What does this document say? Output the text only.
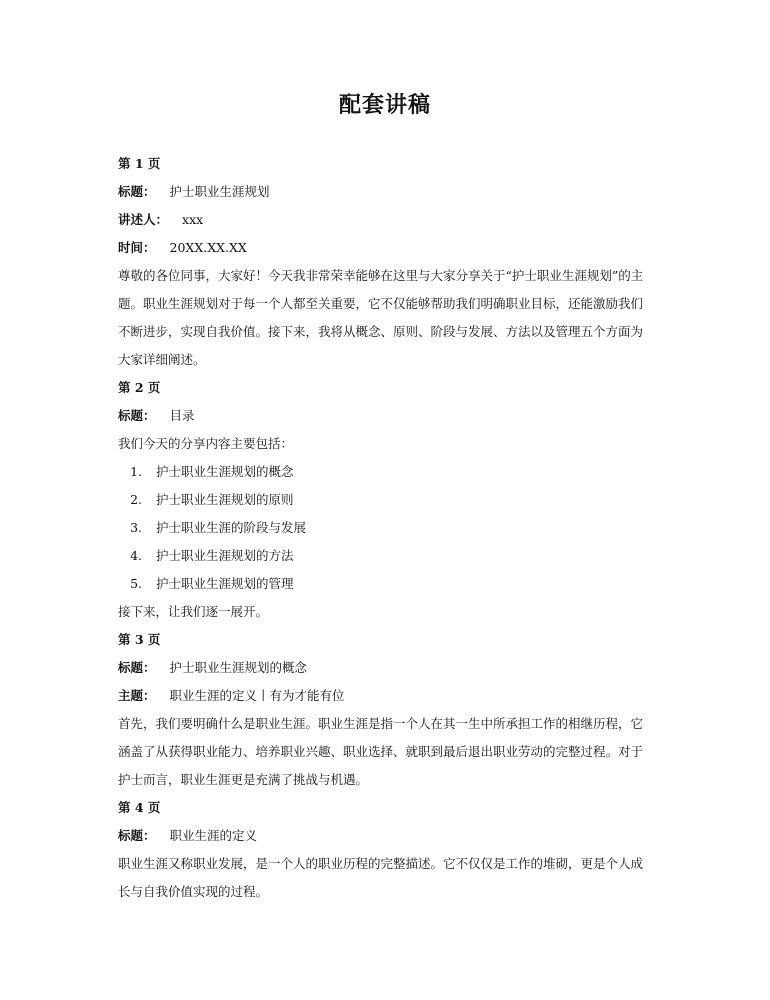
配套讲稿
第 1 页
标题： 护士职业生涯规划
讲述人： xxx
时间： 20XX.XX.XX
尊敬的各位同事，大家好！今天我非常荣幸能够在这里与大家分享关于“护士职业生涯规划”的主题。职业生涯规划对于每一个人都至关重要，它不仅能够帮助我们明确职业目标，还能激励我们不断进步，实现自我价值。接下来，我将从概念、原则、阶段与发展、方法以及管理五个方面为大家详细阐述。
第 2 页
标题： 目录
我们今天的分享内容主要包括：
1. 护士职业生涯规划的概念
2. 护士职业生涯规划的原则
3. 护士职业生涯的阶段与发展
4. 护士职业生涯规划的方法
5. 护士职业生涯规划的管理
接下来，让我们逐一展开。
第 3 页
标题： 护士职业生涯规划的概念
主题： 职业生涯的定义丨有为才能有位
首先，我们要明确什么是职业生涯。职业生涯是指一个人在其一生中所承担工作的相继历程，它涵盖了从获得职业能力、培养职业兴趣、职业选择、就职到最后退出职业劳动的完整过程。对于护士而言，职业生涯更是充满了挑战与机遇。
第 4 页
标题： 职业生涯的定义
职业生涯又称职业发展，是一个人的职业历程的完整描述。它不仅仅是工作的堆砌，更是个人成长与自我价值实现的过程。
